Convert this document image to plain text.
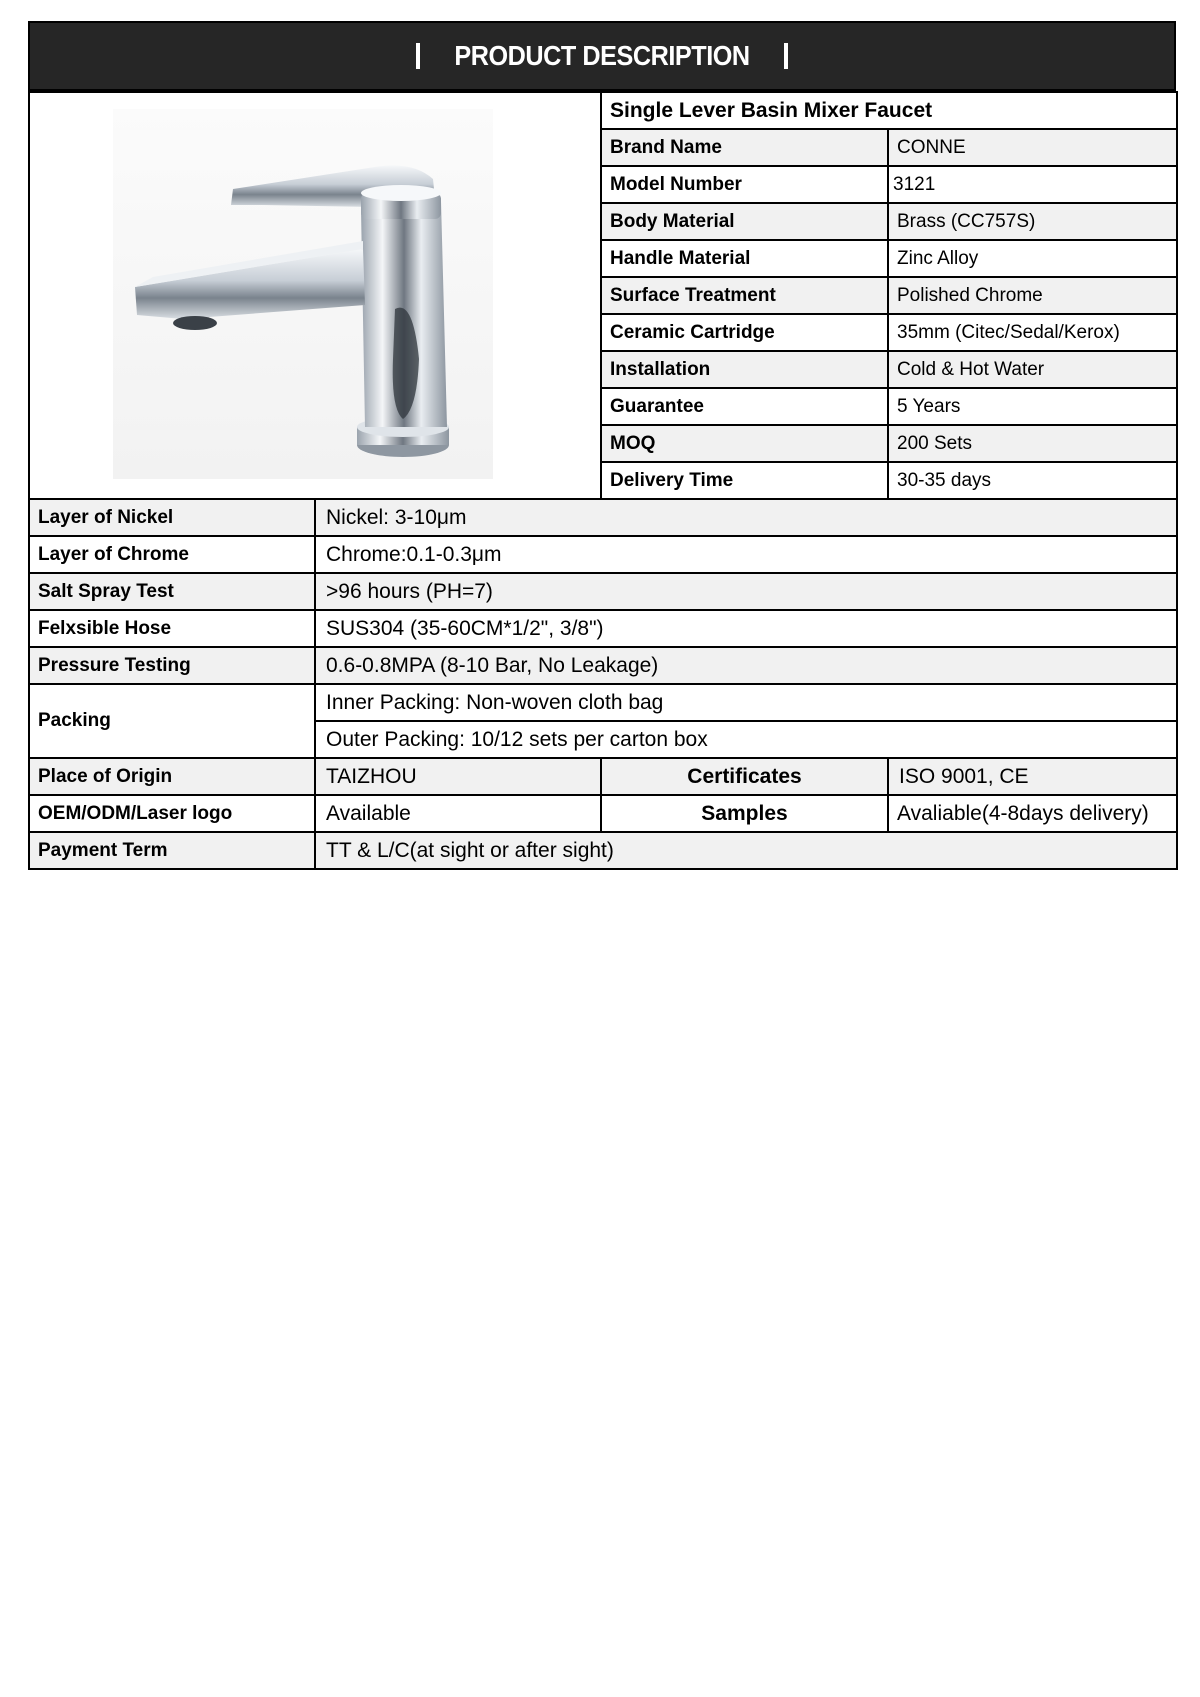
PRODUCT DESCRIPTION
	Single Lever Basin Mixer Faucet	
	Brand Name	CONNE
	Model Number	3121
	Body Material	Brass (CC757S)
	Handle Material	Zinc Alloy
	Surface Treatment	Polished Chrome
	Ceramic Cartridge	35mm (Citec/Sedal/Kerox)
	Installation	Cold & Hot Water
	Guarantee	5 Years
	MOQ	200 Sets
	Delivery Time	30-35 days
Layer of Nickel	Nickel: 3-10μm		
Layer of Chrome	Chrome:0.1-0.3μm		
Salt Spray Test	>96 hours (PH=7)		
Felxsible Hose	SUS304 (35-60CM*1/2", 3/8")		
Pressure Testing	0.6-0.8MPA (8-10 Bar, No Leakage)		
Packing	Inner Packing: Non-woven cloth bag		
	Outer Packing: 10/12 sets per carton box		
Place of Origin	TAIZHOU	Certificates	ISO 9001, CE
OEM/ODM/Laser logo	Available	Samples	Avaliable(4-8days delivery)
Payment Term	TT & L/C(at sight or after sight)		
